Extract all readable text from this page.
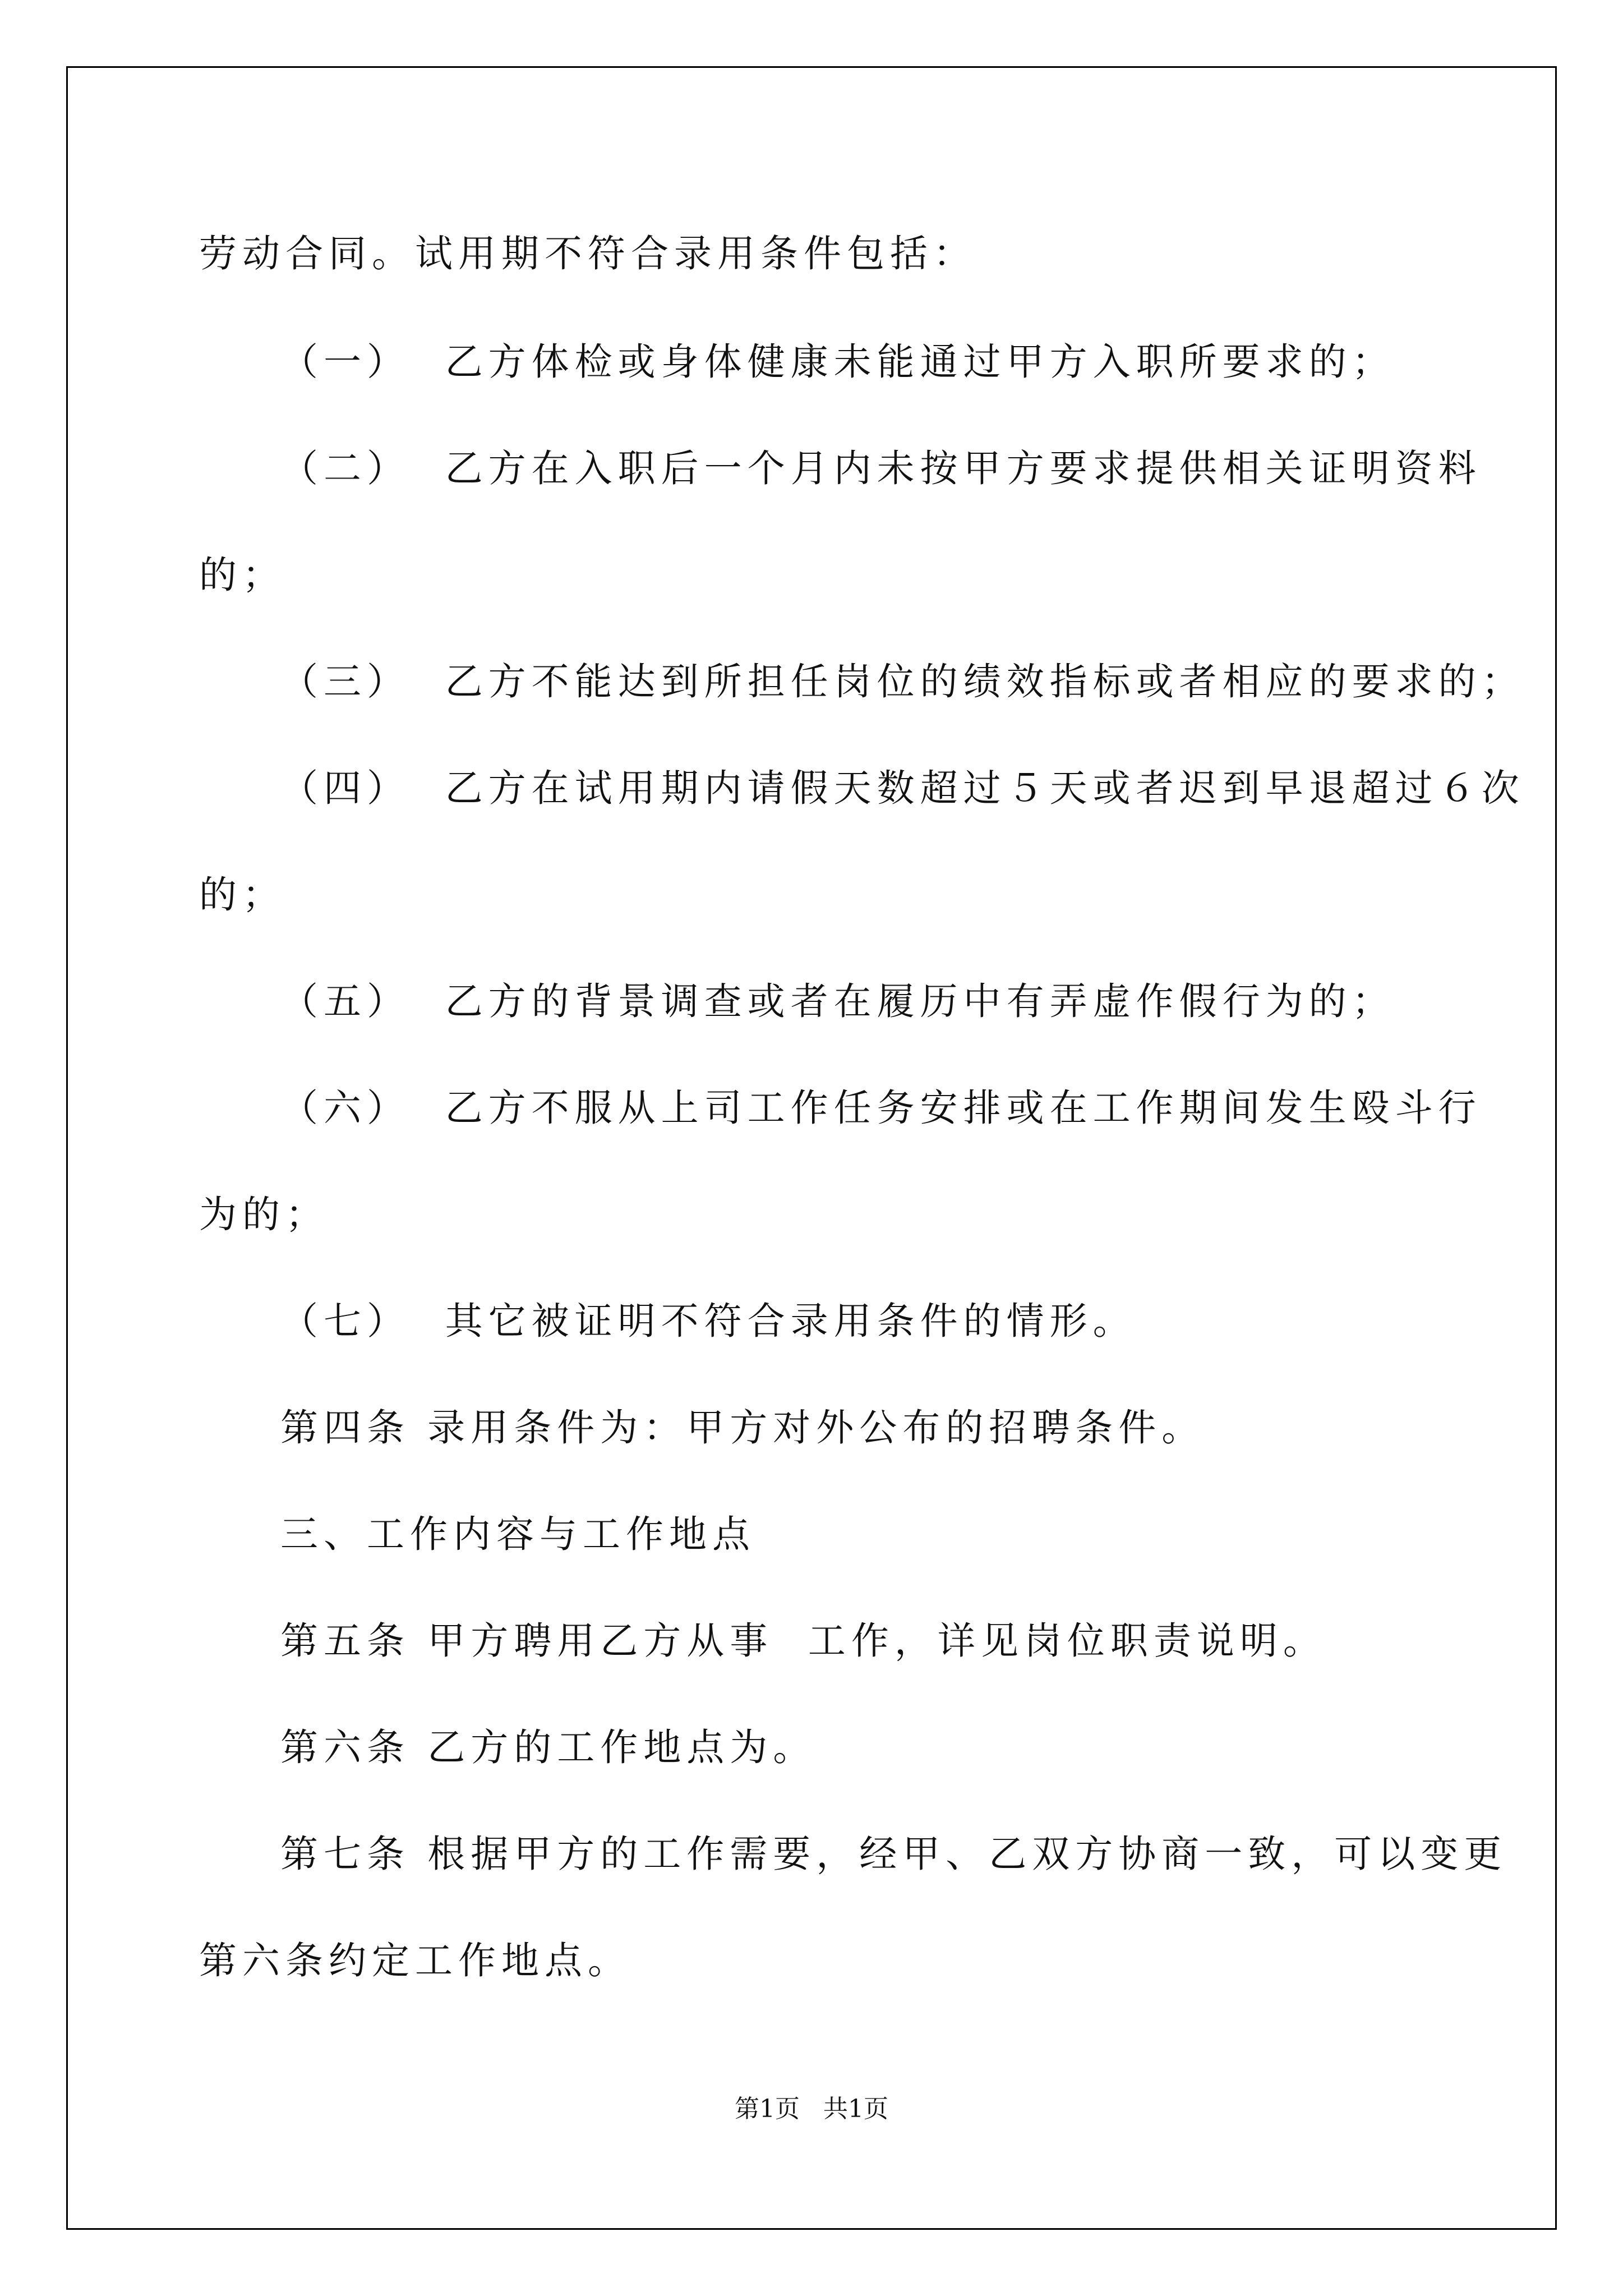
劳动合同。试用期不符合录用条件包括：
（一）  乙方体检或身体健康未能通过甲方入职所要求的；
（二）  乙方在入职后一个月内未按甲方要求提供相关证明资料
的；
（三）  乙方不能达到所担任岗位的绩效指标或者相应的要求的；
（四）  乙方在试用期内请假天数超过５天或者迟到早退超过６次
的；
（五）  乙方的背景调查或者在履历中有弄虚作假行为的；
（六）  乙方不服从上司工作任务安排或在工作期间发生殴斗行
为的；
（七）  其它被证明不符合录用条件的情形。
第四条 录用条件为：甲方对外公布的招聘条件。
三、工作内容与工作地点
第五条 甲方聘用乙方从事  工作，详见岗位职责说明。
第六条 乙方的工作地点为。
第七条 根据甲方的工作需要，经甲、乙双方协商一致，可以变更
第六条约定工作地点。
第1页   共1页
